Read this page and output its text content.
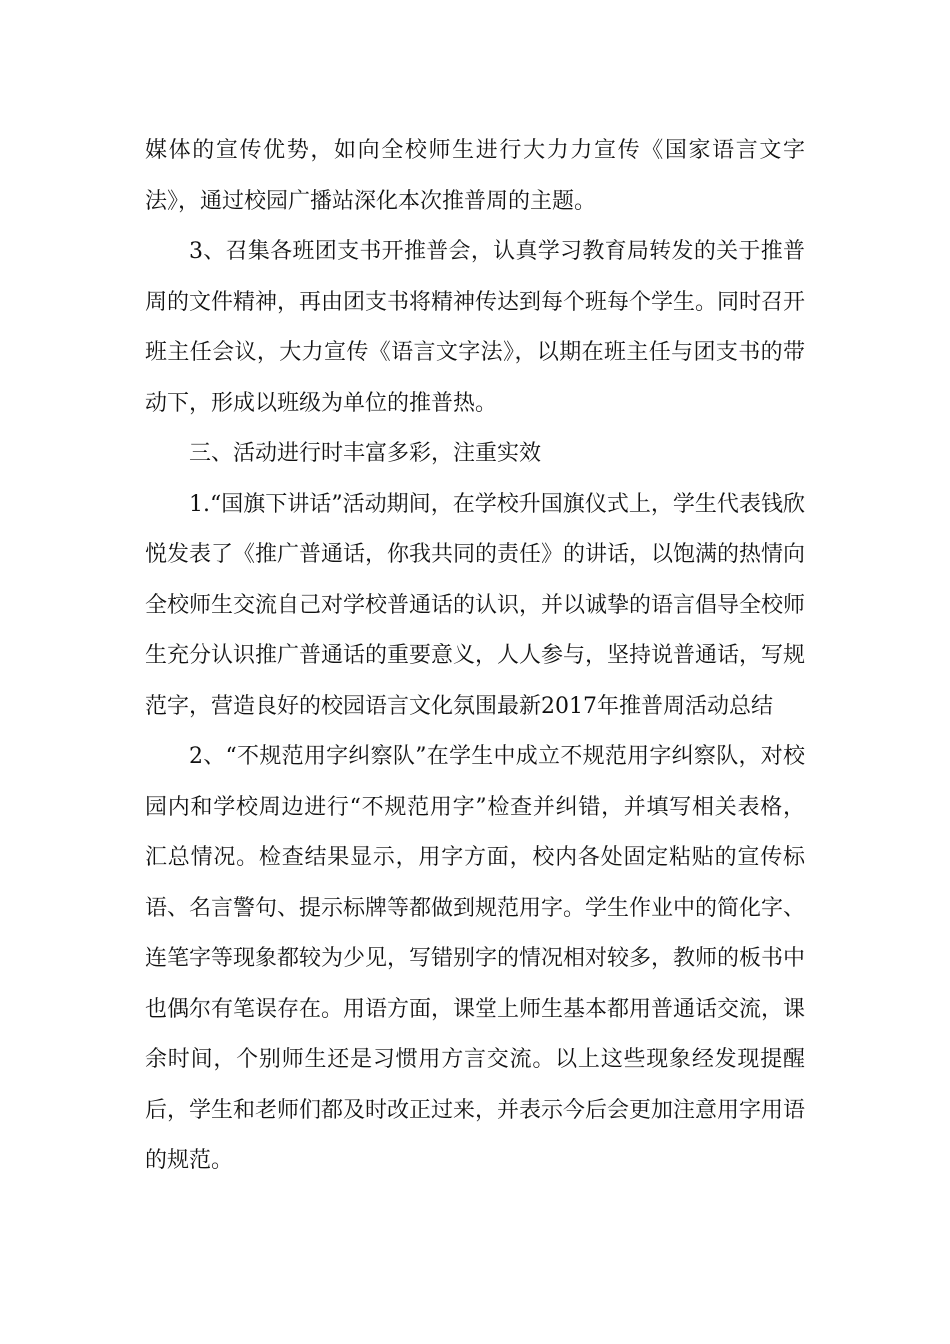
媒体的宣传优势，如向全校师生进行大力力宣传《国家语言文字法》，通过校园广播站深化本次推普周的主题。

3、召集各班团支书开推普会，认真学习教育局转发的关于推普周的文件精神，再由团支书将精神传达到每个班每个学生。同时召开班主任会议，大力宣传《语言文字法》，以期在班主任与团支书的带动下，形成以班级为单位的推普热。

三、活动进行时丰富多彩，注重实效

1.“国旗下讲话”活动期间，在学校升国旗仪式上，学生代表钱欣悦发表了《推广普通话，你我共同的责任》的讲话，以饱满的热情向全校师生交流自己对学校普通话的认识，并以诚挚的语言倡导全校师生充分认识推广普通话的重要意义，人人参与，坚持说普通话，写规范字，营造良好的校园语言文化氛围最新2017年推普周活动总结

2、“不规范用字纠察队”在学生中成立不规范用字纠察队，对校园内和学校周边进行“不规范用字”检查并纠错，并填写相关表格，汇总情况。检查结果显示，用字方面，校内各处固定粘贴的宣传标语、名言警句、提示标牌等都做到规范用字。学生作业中的简化字、连笔字等现象都较为少见，写错别字的情况相对较多，教师的板书中也偶尔有笔误存在。用语方面，课堂上师生基本都用普通话交流，课余时间，个别师生还是习惯用方言交流。以上这些现象经发现提醒后，学生和老师们都及时改正过来，并表示今后会更加注意用字用语的规范。
